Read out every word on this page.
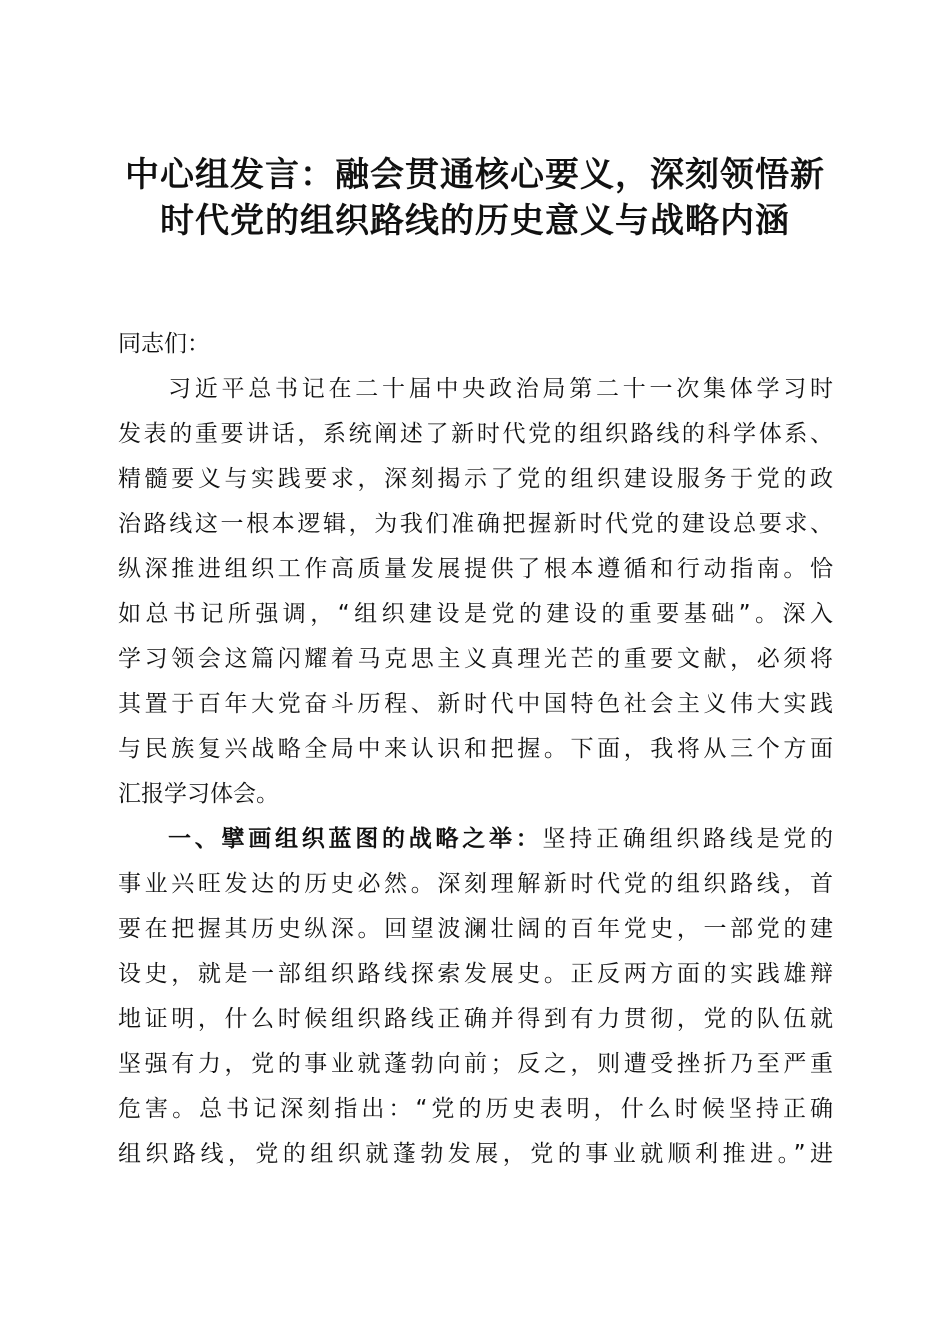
中心组发言：融会贯通核心要义，深刻领悟新
时代党的组织路线的历史意义与战略内涵
同志们：
习近平总书记在二十届中央政治局第二十一次集体学习时
发表的重要讲话，系统阐述了新时代党的组织路线的科学体系、
精髓要义与实践要求，深刻揭示了党的组织建设服务于党的政
治路线这一根本逻辑，为我们准确把握新时代党的建设总要求、
纵深推进组织工作高质量发展提供了根本遵循和行动指南。恰
如总书记所强调，“组织建设是党的建设的重要基础”。深入
学习领会这篇闪耀着马克思主义真理光芒的重要文献，必须将
其置于百年大党奋斗历程、新时代中国特色社会主义伟大实践
与民族复兴战略全局中来认识和把握。下面，我将从三个方面
汇报学习体会。
一、擘画组织蓝图的战略之举：坚持正确组织路线是党的
事业兴旺发达的历史必然。深刻理解新时代党的组织路线，首
要在把握其历史纵深。回望波澜壮阔的百年党史，一部党的建
设史，就是一部组织路线探索发展史。正反两方面的实践雄辩
地证明，什么时候组织路线正确并得到有力贯彻，党的队伍就
坚强有力，党的事业就蓬勃向前；反之，则遭受挫折乃至严重
危害。总书记深刻指出：“党的历史表明，什么时候坚持正确
组织路线，党的组织就蓬勃发展，党的事业就顺利推进。”进
